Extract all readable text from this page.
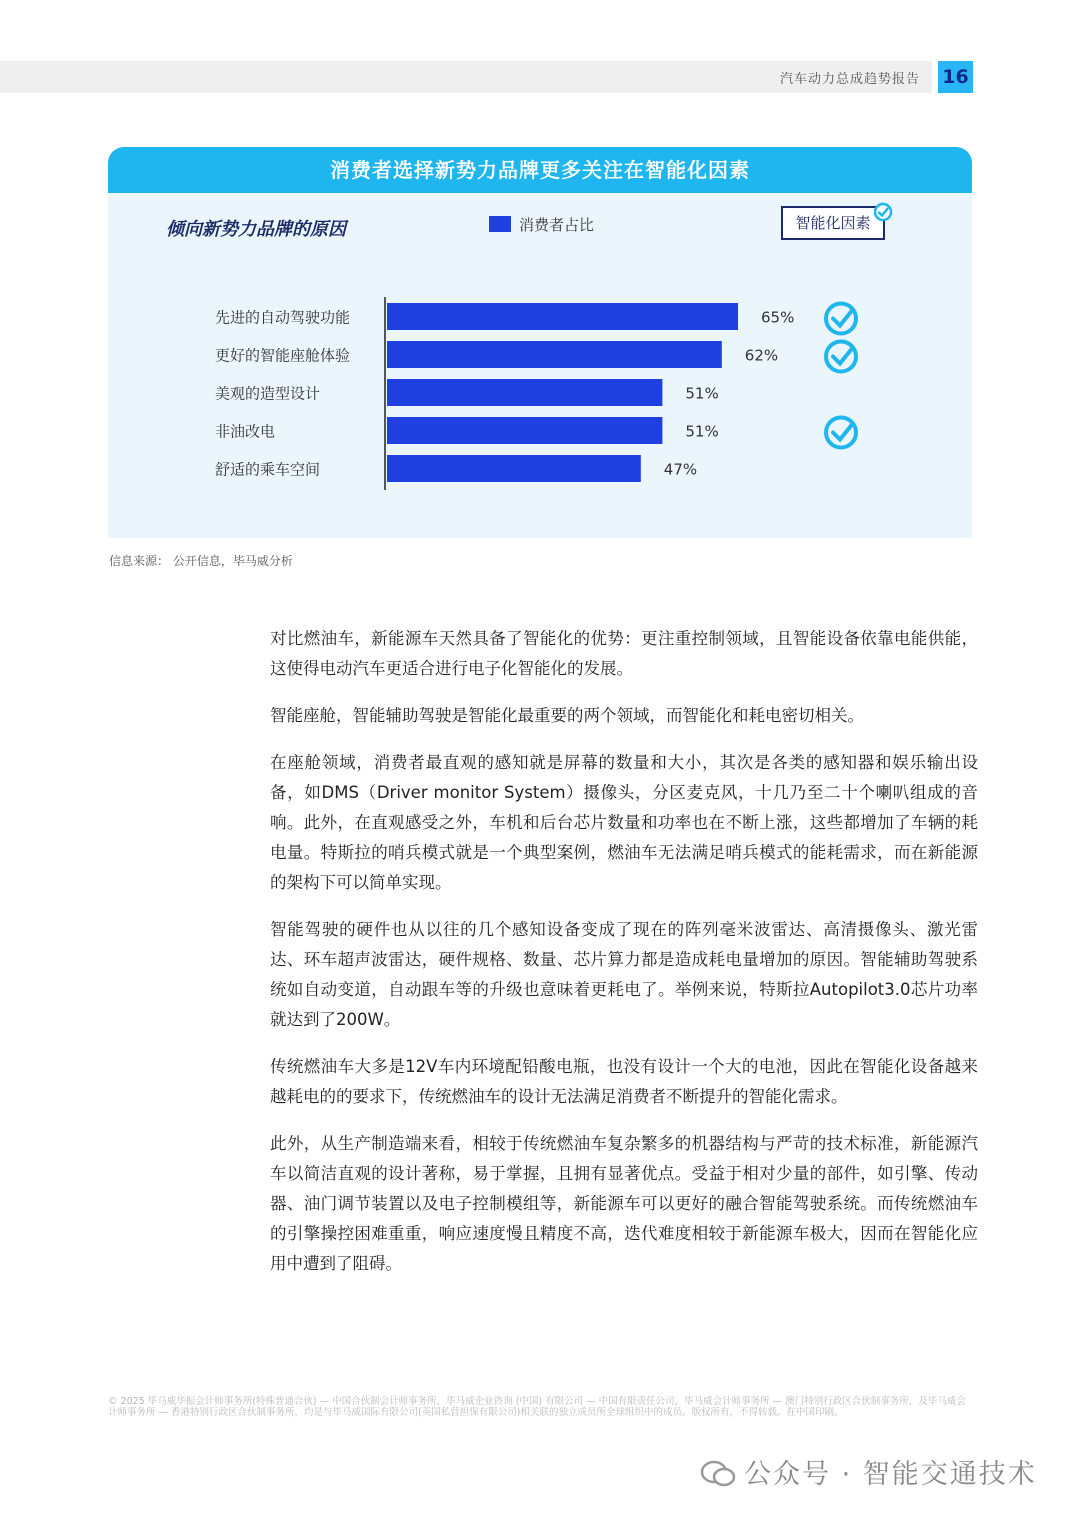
汽车动力总成趋势报告 16
消费者选择新势力品牌更多关注在智能化因素
倾向新势力品牌的原因	消费者占比	智能化因素
先进的自动驾驶功能	65%
更好的智能座舱体验	62%
美观的造型设计	51%
非油改电	51%
舒适的乘车空间	47%
信息来源： 公开信息，毕马威分析

对比燃油车，新能源车天然具备了智能化的优势：更注重控制领域，且智能设备依靠电能供能，这使得电动汽车更适合进行电子化智能化的发展。

智能座舱，智能辅助驾驶是智能化最重要的两个领域，而智能化和耗电密切相关。

在座舱领域，消费者最直观的感知就是屏幕的数量和大小，其次是各类的感知器和娱乐输出设备，如DMS（Driver monitor System）摄像头，分区麦克风，十几乃至二十个喇叭组成的音响。此外，在直观感受之外，车机和后台芯片数量和功率也在不断上涨，这些都增加了车辆的耗电量。特斯拉的哨兵模式就是一个典型案例，燃油车无法满足哨兵模式的能耗需求，而在新能源的架构下可以简单实现。

智能驾驶的硬件也从以往的几个感知设备变成了现在的阵列毫米波雷达、高清摄像头、激光雷达、环车超声波雷达，硬件规格、数量、芯片算力都是造成耗电量增加的原因。智能辅助驾驶系统如自动变道，自动跟车等的升级也意味着更耗电了。举例来说，特斯拉Autopilot3.0芯片功率就达到了200W。

传统燃油车大多是12V车内环境配铅酸电瓶，也没有设计一个大的电池，因此在智能化设备越来越耗电的的要求下，传统燃油车的设计无法满足消费者不断提升的智能化需求。

此外，从生产制造端来看，相较于传统燃油车复杂繁多的机器结构与严苛的技术标准，新能源汽车以简洁直观的设计著称，易于掌握，且拥有显著优点。受益于相对少量的部件，如引擎、传动器、油门调节装置以及电子控制模组等，新能源车可以更好的融合智能驾驶系统。而传统燃油车的引擎操控困难重重，响应速度慢且精度不高，迭代难度相较于新能源车极大，因而在智能化应用中遭到了阻碍。

© 2025 毕马威华振会计师事务所(特殊普通合伙) — 中国合伙制会计师事务所，毕马威企业咨询 (中国) 有限公司 — 中国有限责任公司，毕马威会计师事务所 — 澳门特别行政区合伙制事务所，及毕马威会计师事务所 — 香港特别行政区合伙制事务所，均是与毕马威国际有限公司(英国私营担保有限公司)相关联的独立成员所全球组织中的成员。版权所有，不得转载。在中国印刷。
公众号 · 智能交通技术
